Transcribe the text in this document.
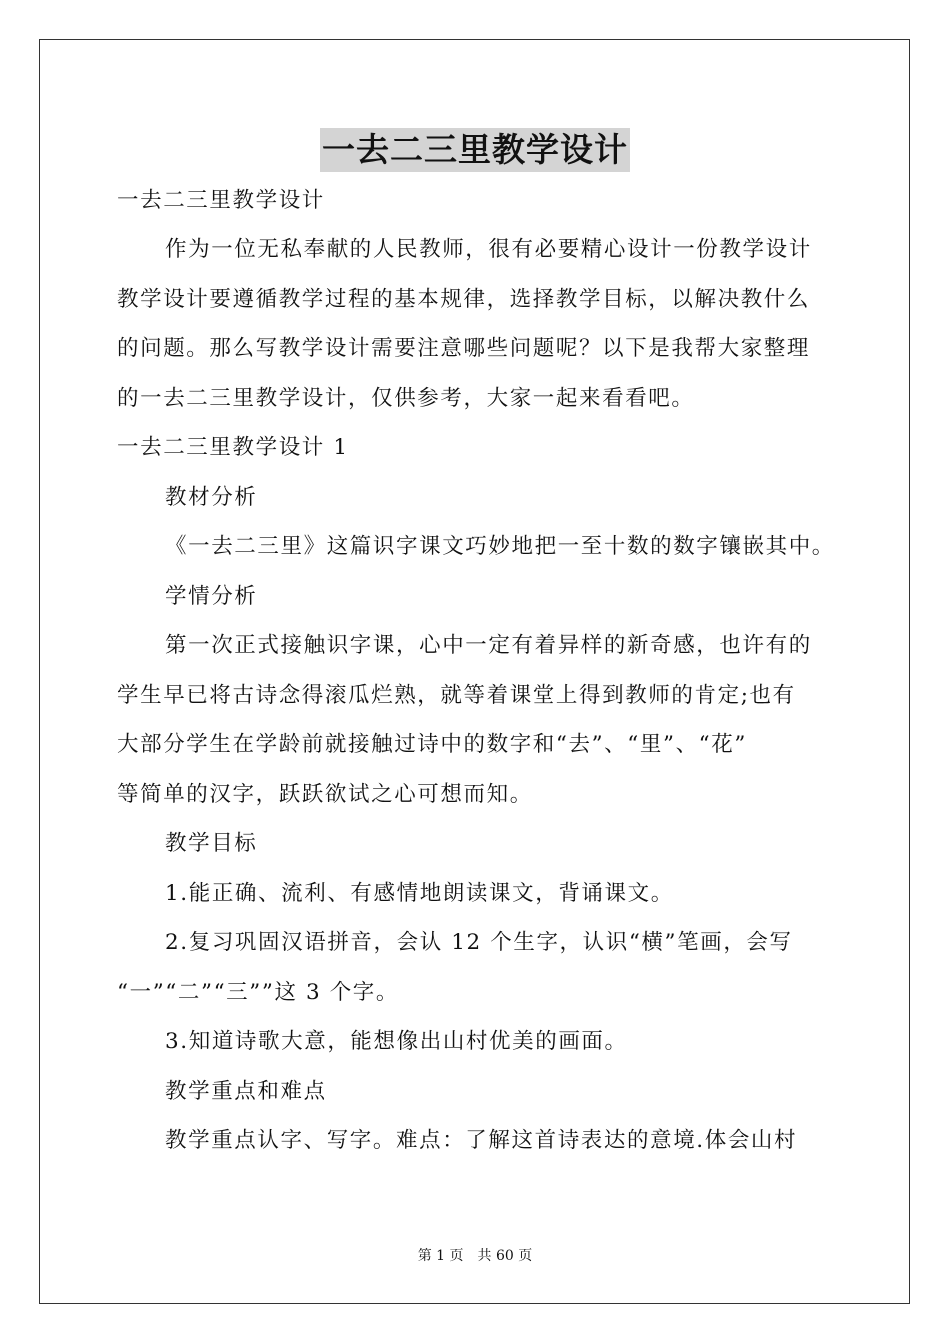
一去二三里教学设计
一去二三里教学设计
作为一位无私奉献的人民教师，很有必要精心设计一份教学设计
教学设计要遵循教学过程的基本规律，选择教学目标，以解决教什么
的问题。那么写教学设计需要注意哪些问题呢？以下是我帮大家整理
的一去二三里教学设计，仅供参考，大家一起来看看吧。
一去二三里教学设计 1
教材分析
《一去二三里》这篇识字课文巧妙地把一至十数的数字镶嵌其中。
学情分析
第一次正式接触识字课，心中一定有着异样的新奇感，也许有的
学生早已将古诗念得滚瓜烂熟，就等着课堂上得到教师的肯定;也有
大部分学生在学龄前就接触过诗中的数字和“去”、“里”、“花”
等简单的汉字，跃跃欲试之心可想而知。
教学目标
1.能正确、流利、有感情地朗读课文，背诵课文。
2.复习巩固汉语拼音，会认 12 个生字，认识“横”笔画，会写
“一”“二”“三””这 3 个字。
3.知道诗歌大意，能想像出山村优美的画面。
教学重点和难点
教学重点认字、写字。难点：了解这首诗表达的意境.体会山村
第 1 页　共 60 页
